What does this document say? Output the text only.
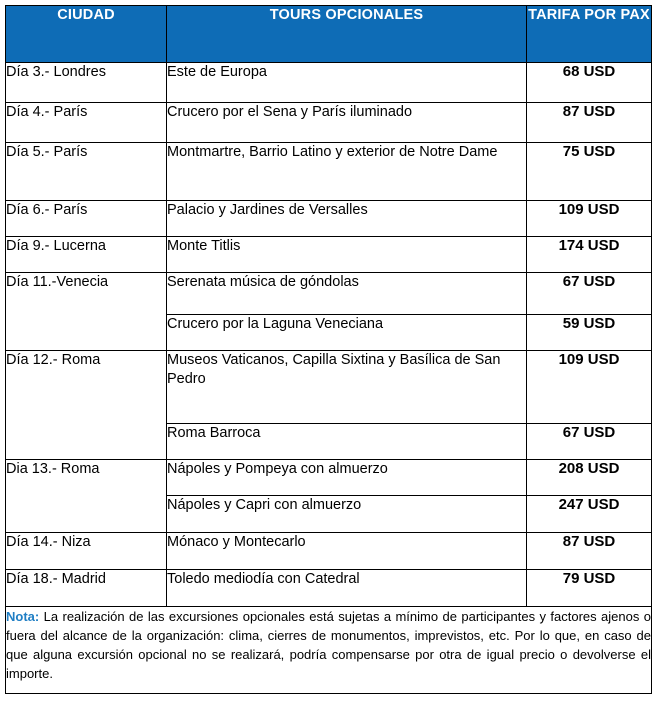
CIUDAD	TOURS OPCIONALES	TARIFA POR PAX
Día 3.- Londres	Este de Europa	68 USD
Día 4.- París	Crucero por el Sena y París iluminado	87 USD
Día 5.- París	Montmartre, Barrio Latino y exterior de Notre Dame	75 USD
Día 6.- París	Palacio y Jardines de Versalles	109 USD
Día 9.- Lucerna	Monte Titlis	174 USD
Día 11.-Venecia	Serenata música de góndolas	67 USD
	Crucero por la Laguna Veneciana	59 USD
Día 12.- Roma	Museos Vaticanos, Capilla Sixtina y Basílica de San Pedro	109 USD
	Roma Barroca	67 USD
Dia 13.- Roma	Nápoles y Pompeya con almuerzo	208 USD
	Nápoles y Capri con almuerzo	247 USD
Día 14.- Niza	Mónaco y Montecarlo	87 USD
Día 18.- Madrid	Toledo mediodía con Catedral	79 USD
Nota: La realización de las excursiones opcionales está sujetas a mínimo de participantes y factores ajenos o fuera del alcance de la organización: clima, cierres de monumentos, imprevistos, etc. Por lo que, en caso de que alguna excursión opcional no se realizará, podría compensarse por otra de igual precio o devolverse el importe.		
